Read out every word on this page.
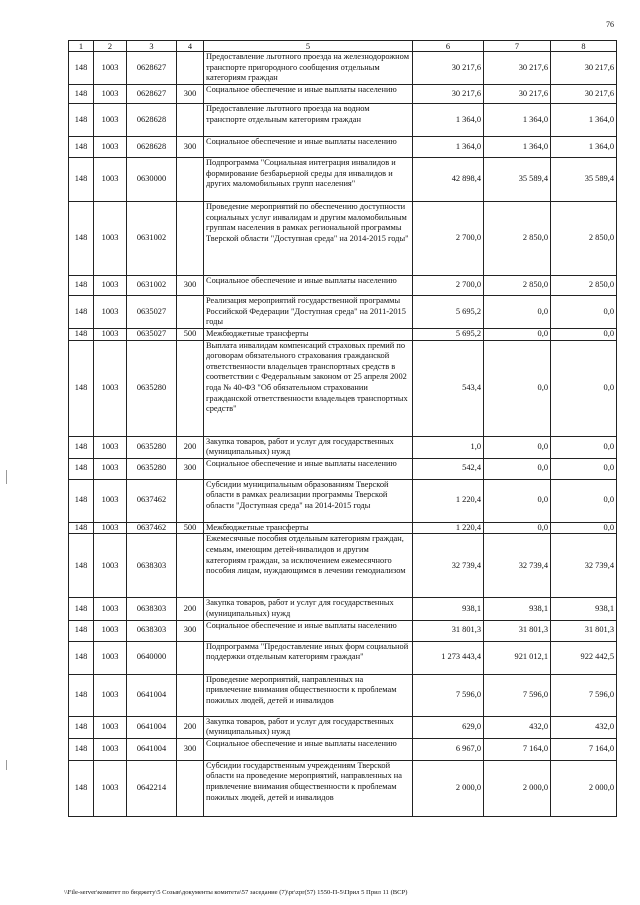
76
1	2	3	4	5	6	7	8
148	1003	0628627		Предоставление льготного проезда на железнодорожном транспорте пригородного сообщения отдельным категориям граждан	30 217,6	30 217,6	30 217,6
148	1003	0628627	300	Социальное обеспечение и иные выплаты населению	30 217,6	30 217,6	30 217,6
148	1003	0628628		Предоставление льготного проезда на водном транспорте отдельным категориям граждан	1 364,0	1 364,0	1 364,0
148	1003	0628628	300	Социальное обеспечение и иные выплаты населению	1 364,0	1 364,0	1 364,0
148	1003	0630000		Подпрограмма "Социальная интеграция инвалидов и формирование безбарьерной среды для инвалидов и других маломобильных групп населения"	42 898,4	35 589,4	35 589,4
148	1003	0631002		Проведение мероприятий по обеспечению доступности социальных услуг инвалидам и другим маломобильным группам населения в рамках региональной программы Тверской области "Доступная среда" на 2014-2015 годы"	2 700,0	2 850,0	2 850,0
148	1003	0631002	300	Социальное обеспечение и иные выплаты населению	2 700,0	2 850,0	2 850,0
148	1003	0635027		Реализация мероприятий государственной программы Российской Федерации "Доступная среда" на 2011-2015 годы	5 695,2	0,0	0,0
148	1003	0635027	500	Межбюджетные трансферты	5 695,2	0,0	0,0
148	1003	0635280		Выплата инвалидам компенсаций страховых премий по договорам обязательного страхования гражданской ответственности владельцев транспортных средств в соответствии с Федеральным законом от 25 апреля 2002 года № 40-ФЗ "Об обязательном страховании гражданской ответственности владельцев транспортных средств"	543,4	0,0	0,0
148	1003	0635280	200	Закупка товаров, работ и услуг для государственных (муниципальных) нужд	1,0	0,0	0,0
148	1003	0635280	300	Социальное обеспечение и иные выплаты населению	542,4	0,0	0,0
148	1003	0637462		Субсидии муниципальным образованиям Тверской области в рамках реализации программы Тверской области "Доступная среда" на 2014-2015 годы	1 220,4	0,0	0,0
148	1003	0637462	500	Межбюджетные трансферты	1 220,4	0,0	0,0
148	1003	0638303		Ежемесячные пособия отдельным категориям граждан, семьям, имеющим детей-инвалидов и другим категориям граждан, за исключением ежемесячного пособия лицам, нуждающимся в лечении гемодиализом	32 739,4	32 739,4	32 739,4
148	1003	0638303	200	Закупка товаров, работ и услуг для государственных (муниципальных) нужд	938,1	938,1	938,1
148	1003	0638303	300	Социальное обеспечение и иные выплаты населению	31 801,3	31 801,3	31 801,3
148	1003	0640000		Подпрограмма "Предоставление иных форм социальной поддержки отдельным категориям граждан"	1 273 443,4	921 012,1	922 442,5
148	1003	0641004		Проведение мероприятий, направленных на привлечение внимания общественности к проблемам пожилых людей, детей и инвалидов	7 596,0	7 596,0	7 596,0
148	1003	0641004	200	Закупка товаров, работ и услуг для государственных (муниципальных) нужд	629,0	432,0	432,0
148	1003	0641004	300	Социальное обеспечение и иные выплаты населению	6 967,0	7 164,0	7 164,0
148	1003	0642214		Субсидии государственным учреждениям Тверской области на проведение мероприятий, направленных на привлечение внимания общественности к проблемам пожилых людей, детей и инвалидов	2 000,0	2 000,0	2 000,0
\\File-server\комитет по бюджету\5 Созыв\документы комитета\57 заседание (7)\pr\zpr(57) 1550-П-5\Прил 5 Прил 11 (ВСР)
